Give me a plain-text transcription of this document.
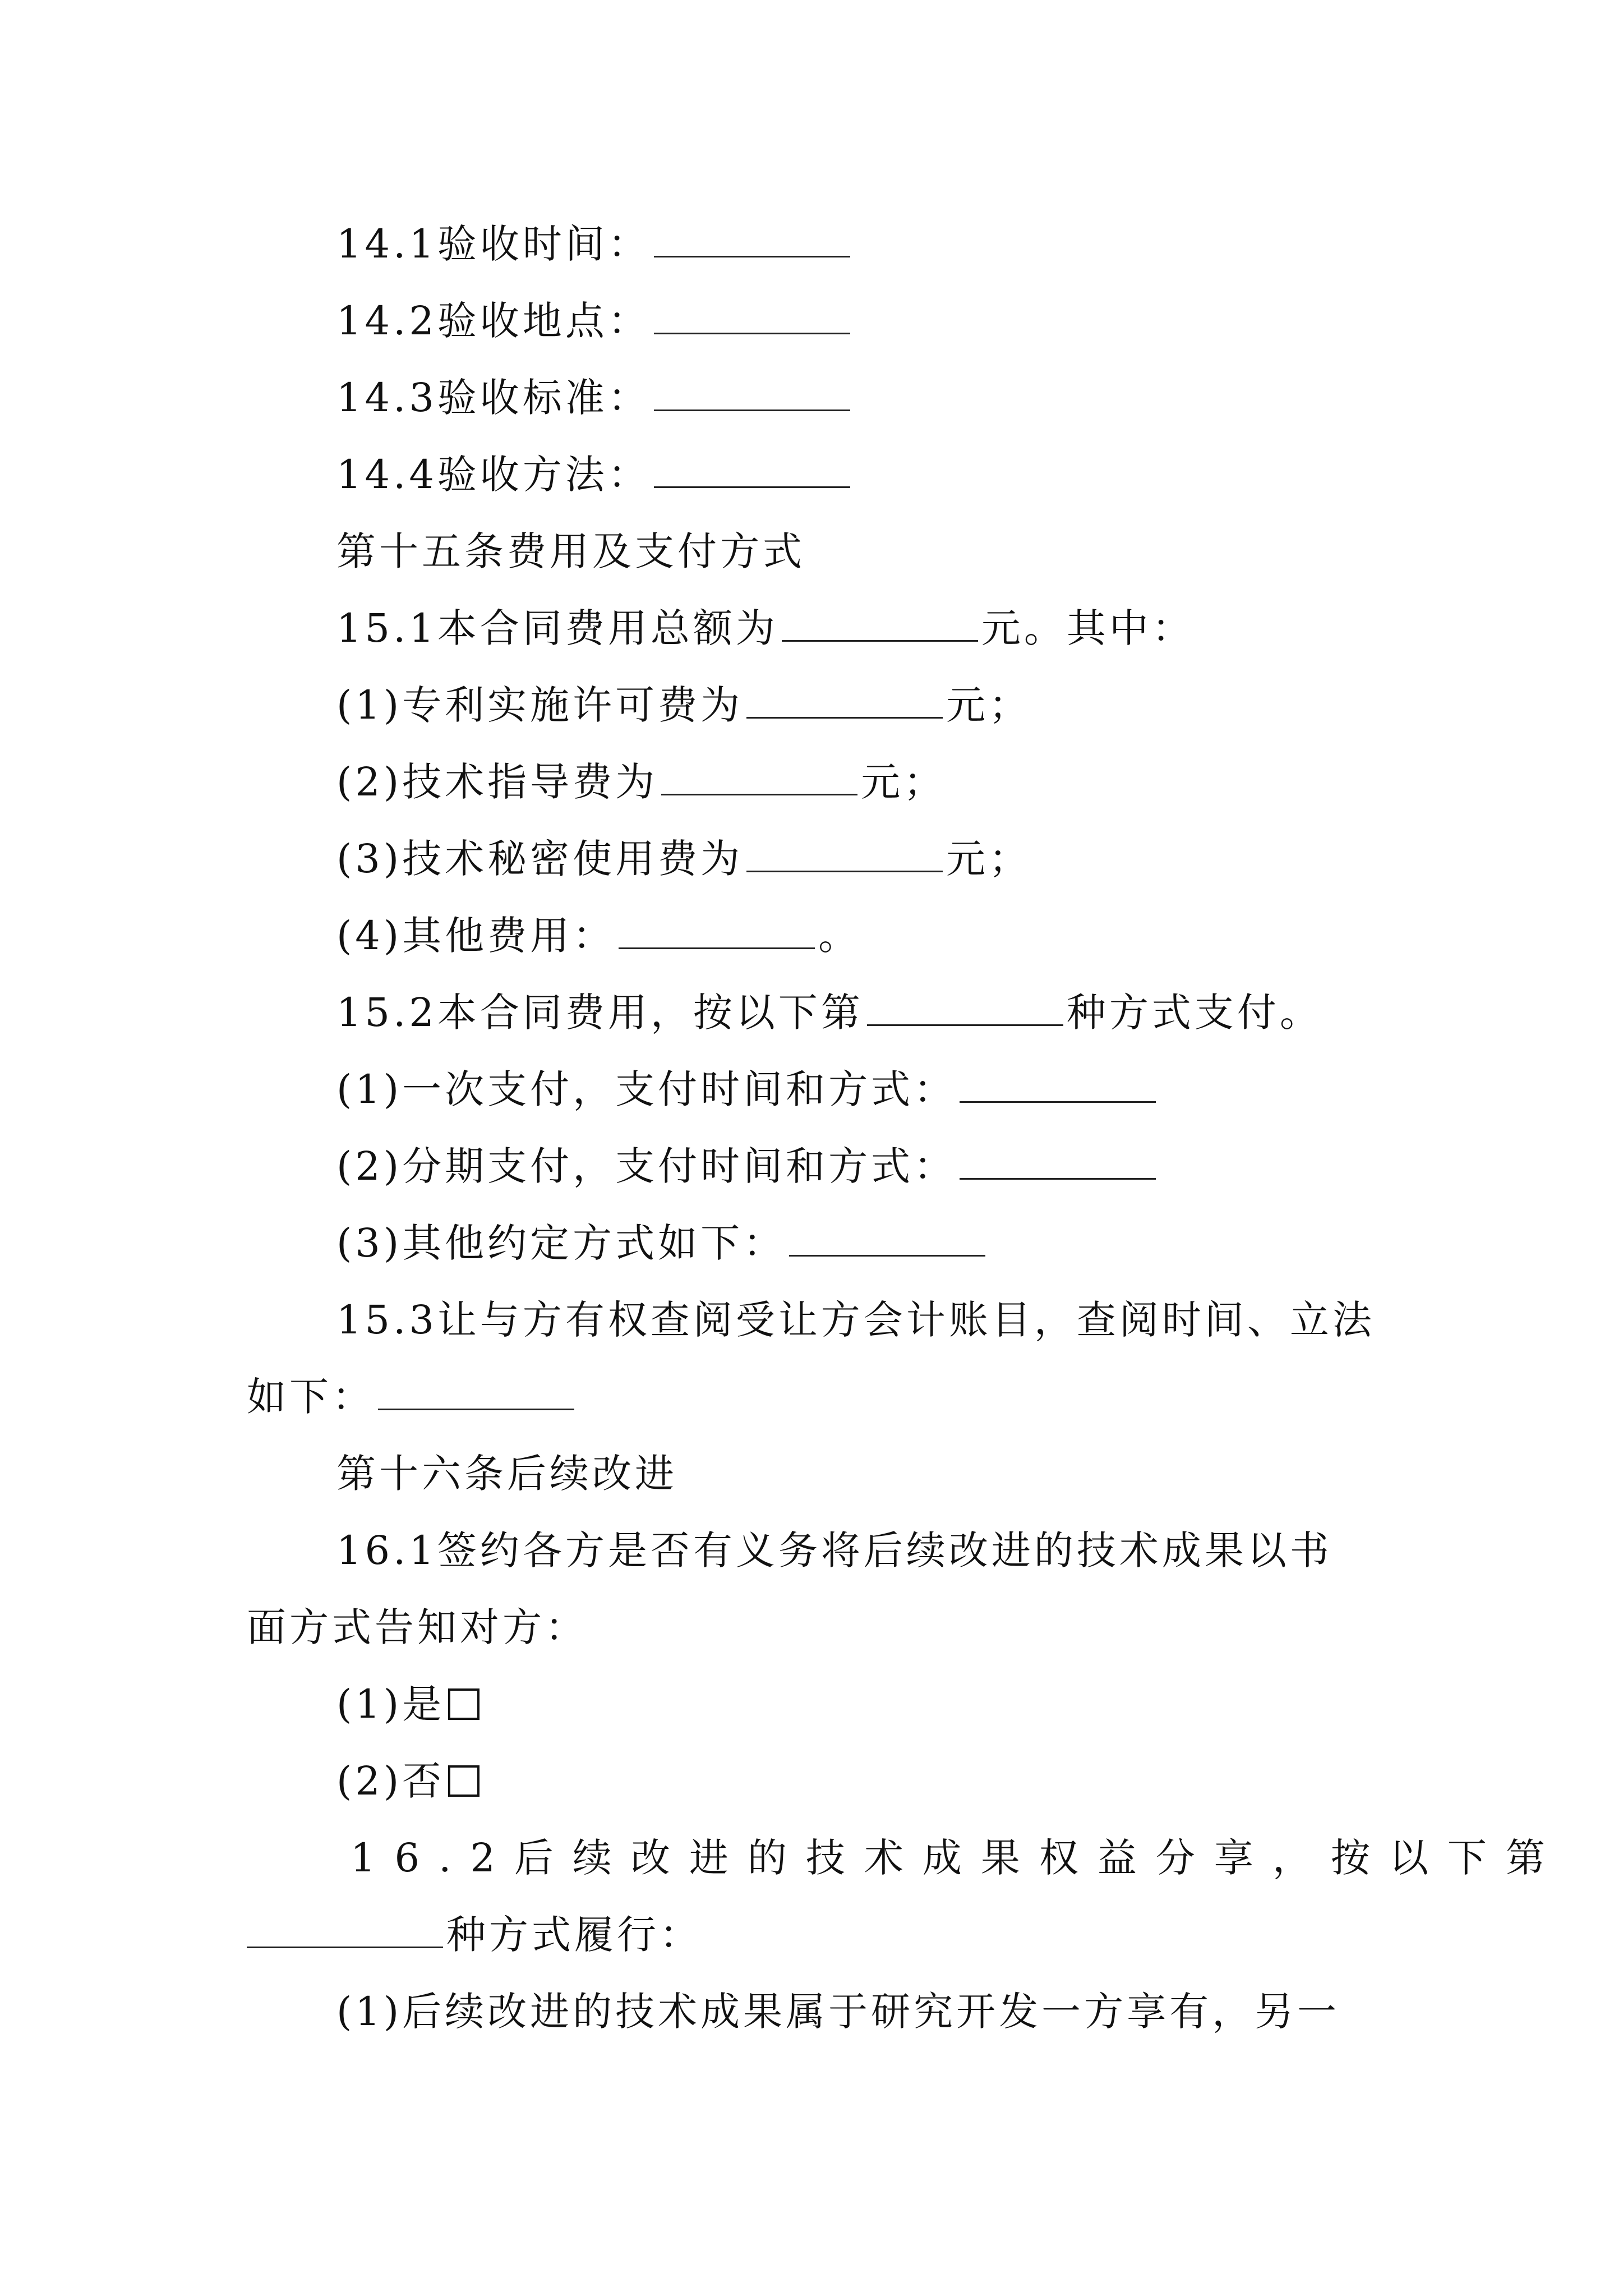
14.1验收时间：
14.2验收地点：
14.3验收标准：
14.4验收方法：
第十五条费用及支付方式
15.1本合同费用总额为	元。其中：
(1)专利实施许可费为	元；
(2)技术指导费为	元；
(3)技术秘密使用费为	元；
(4)其他费用：	。
15.2本合同费用，按以下第	种方式支付。
(1)一次支付，支付时间和方式：
(2)分期支付，支付时间和方式：
(3)其他约定方式如下：
15.3让与方有权查阅受让方会计账目，查阅时间、立法
如下：
第十六条后续改进
16.1签约各方是否有义务将后续改进的技术成果以书
面方式告知对方：
(1)是
(2)否
16.2后续改进的技术成果权益分享，按以下第
种方式履行：
(1)后续改进的技术成果属于研究开发一方享有，另一
